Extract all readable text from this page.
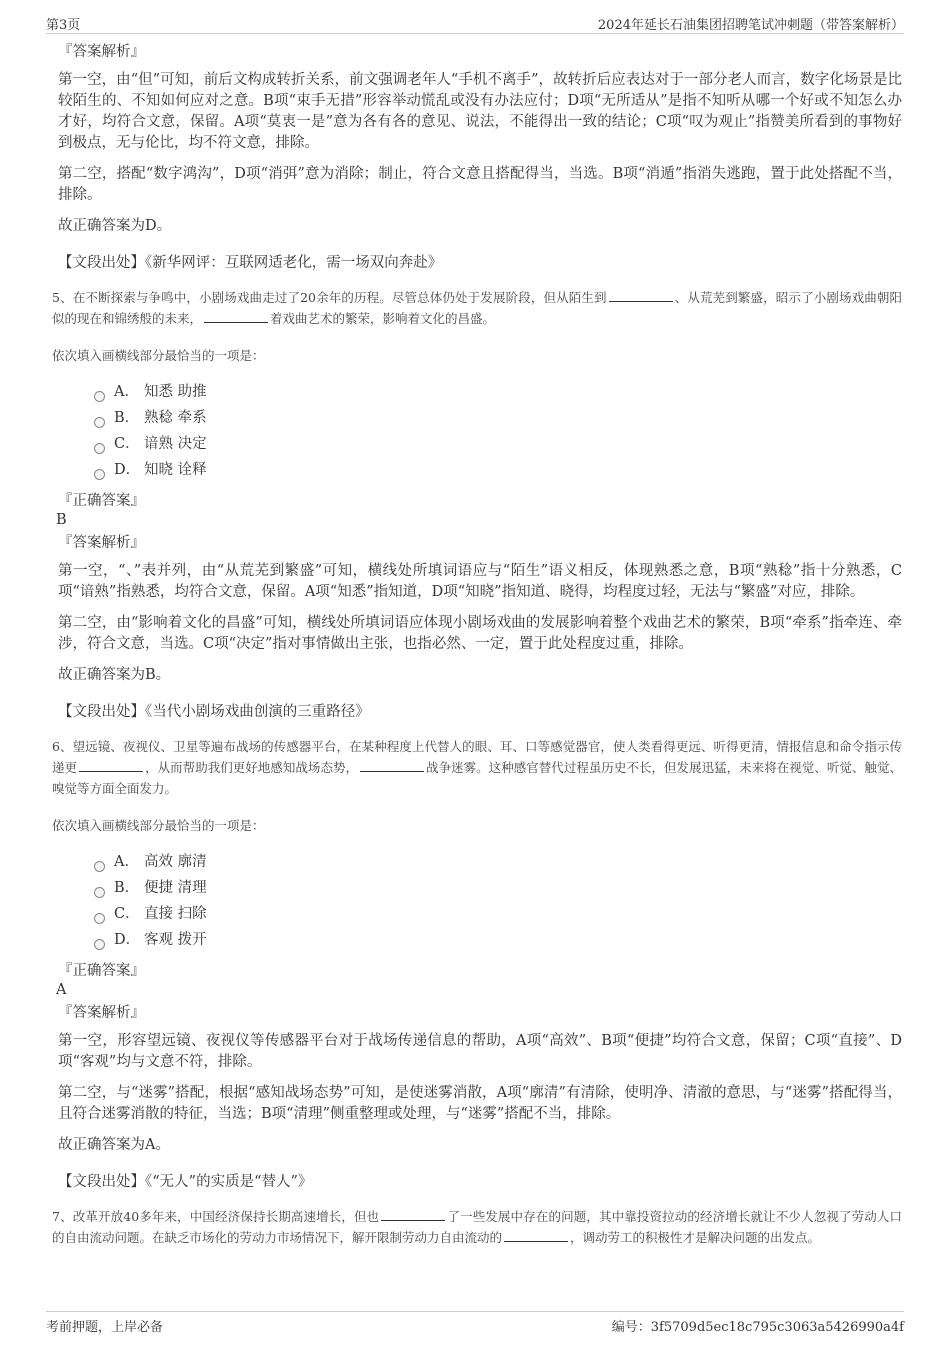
第3页	2024年延长石油集团招聘笔试冲刺题（带答案解析）
『答案解析』

第一空，由“但”可知，前后文构成转折关系，前文强调老年人“手机不离手”，故转折后应表达对于一部分老人而言，数字化场景是比较陌生的、不知如何应对之意。B项“束手无措”形容举动慌乱或没有办法应付；D项“无所适从”是指不知听从哪一个好或不知怎么办才好，均符合文意，保留。A项“莫衷一是”意为各有各的意见、说法，不能得出一致的结论；C项“叹为观止”指赞美所看到的事物好到极点，无与伦比，均不符文意，排除。

第二空，搭配“数字鸿沟”，D项“消弭”意为消除；制止，符合文意且搭配得当，当选。B项“消遁”指消失逃跑，置于此处搭配不当，排除。

故正确答案为D。

【文段出处】《新华网评：互联网适老化，需一场双向奔赴》

5、在不断探索与争鸣中，小剧场戏曲走过了20余年的历程。尽管总体仍处于发展阶段，但从陌生到	、从荒芜到繁盛，昭示了小剧场戏曲朝阳似的现在和锦绣般的未来，	着戏曲艺术的繁荣，影响着文化的昌盛。

依次填入画横线部分最恰当的一项是：

A． 知悉 助推
B． 熟稔 牵系
C． 谙熟 决定
D． 知晓 诠释
『正确答案』
B
『答案解析』

第一空，“、”表并列，由“从荒芜到繁盛”可知，横线处所填词语应与“陌生”语义相反，体现熟悉之意，B项“熟稔”指十分熟悉，C项“谙熟”指熟悉，均符合文意，保留。A项“知悉”指知道，D项“知晓”指知道、晓得，均程度过轻，无法与“繁盛”对应，排除。

第二空，由“影响着文化的昌盛”可知，横线处所填词语应体现小剧场戏曲的发展影响着整个戏曲艺术的繁荣，B项“牵系”指牵连、牵涉，符合文意，当选。C项“决定”指对事情做出主张，也指必然、一定，置于此处程度过重，排除。

故正确答案为B。

【文段出处】《当代小剧场戏曲创演的三重路径》

6、望远镜、夜视仪、卫星等遍布战场的传感器平台，在某种程度上代替人的眼、耳、口等感觉器官，使人类看得更远、听得更清，情报信息和命令指示传递更	，从而帮助我们更好地感知战场态势，	战争迷雾。这种感官替代过程虽历史不长，但发展迅猛，未来将在视觉、听觉、触觉、嗅觉等方面全面发力。

依次填入画横线部分最恰当的一项是：

A． 高效 廓清
B． 便捷 清理
C． 直接 扫除
D． 客观 拨开
『正确答案』
A
『答案解析』

第一空，形容望远镜、夜视仪等传感器平台对于战场传递信息的帮助，A项“高效”、B项“便捷”均符合文意，保留；C项“直接”、D项“客观”均与文意不符，排除。

第二空，与“迷雾”搭配，根据“感知战场态势”可知，是使迷雾消散，A项“廓清”有清除，使明净、清澈的意思，与“迷雾”搭配得当，且符合迷雾消散的特征，当选；B项“清理”侧重整理或处理，与“迷雾”搭配不当，排除。

故正确答案为A。

【文段出处】《“无人”的实质是“替人”》

7、改革开放40多年来，中国经济保持长期高速增长，但也	了一些发展中存在的问题，其中靠投资拉动的经济增长就让不少人忽视了劳动人口的自由流动问题。在缺乏市场化的劳动力市场情况下，解开限制劳动力自由流动的	，调动劳工的积极性才是解决问题的出发点。

考前押题，上岸必备	编号：3f5709d5ec18c795c3063a5426990a4f
